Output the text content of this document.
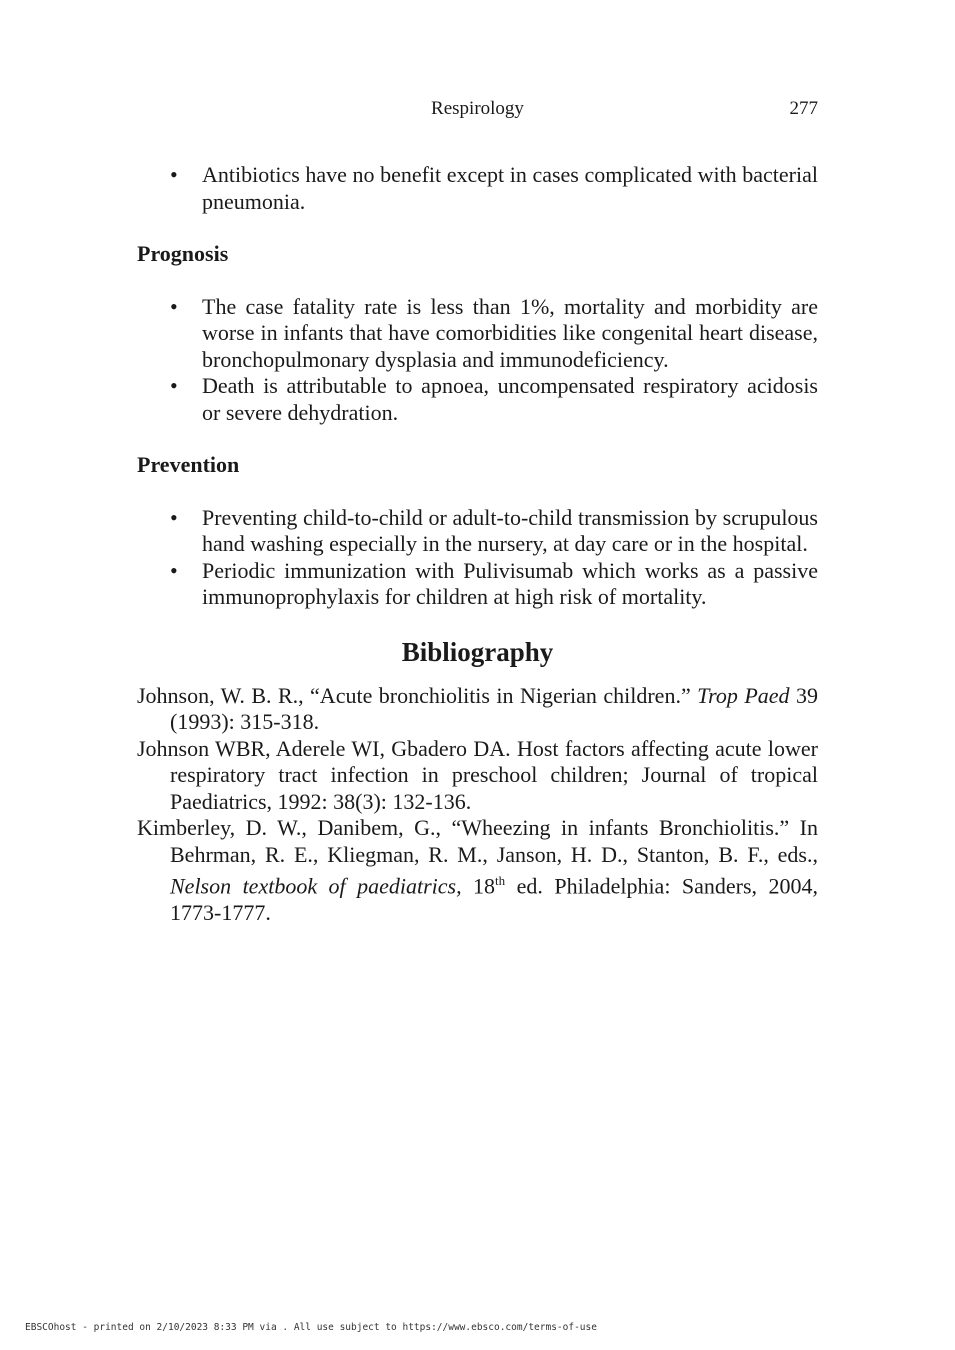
Respirology	277
• Antibiotics have no benefit except in cases complicated with bacterial pneumonia.

Prognosis

• The case fatality rate is less than 1%, mortality and morbidity are worse in infants that have comorbidities like congenital heart disease, bronchopulmonary dysplasia and immunodeficiency.
• Death is attributable to apnoea, uncompensated respiratory acidosis or severe dehydration.

Prevention

• Preventing child-to-child or adult-to-child transmission by scrupulous hand washing especially in the nursery, at day care or in the hospital.
• Periodic immunization with Pulivisumab which works as a passive immunoprophylaxis for children at high risk of mortality.

Bibliography

Johnson, W. B. R., “Acute bronchiolitis in Nigerian children.” Trop Paed 39 (1993): 315-318.

Johnson WBR, Aderele WI, Gbadero DA. Host factors affecting acute lower respiratory tract infection in preschool children; Journal of tropical Paediatrics, 1992: 38(3): 132-136.

Kimberley, D. W., Danibem, G., “Wheezing in infants Bronchiolitis.” In Behrman, R. E., Kliegman, R. M., Janson, H. D., Stanton, B. F., eds., Nelson textbook of paediatrics, 18th ed. Philadelphia: Sanders, 2004, 1773-1777.

EBSCOhost - printed on 2/10/2023 8:33 PM via . All use subject to https://www.ebsco.com/terms-of-use
